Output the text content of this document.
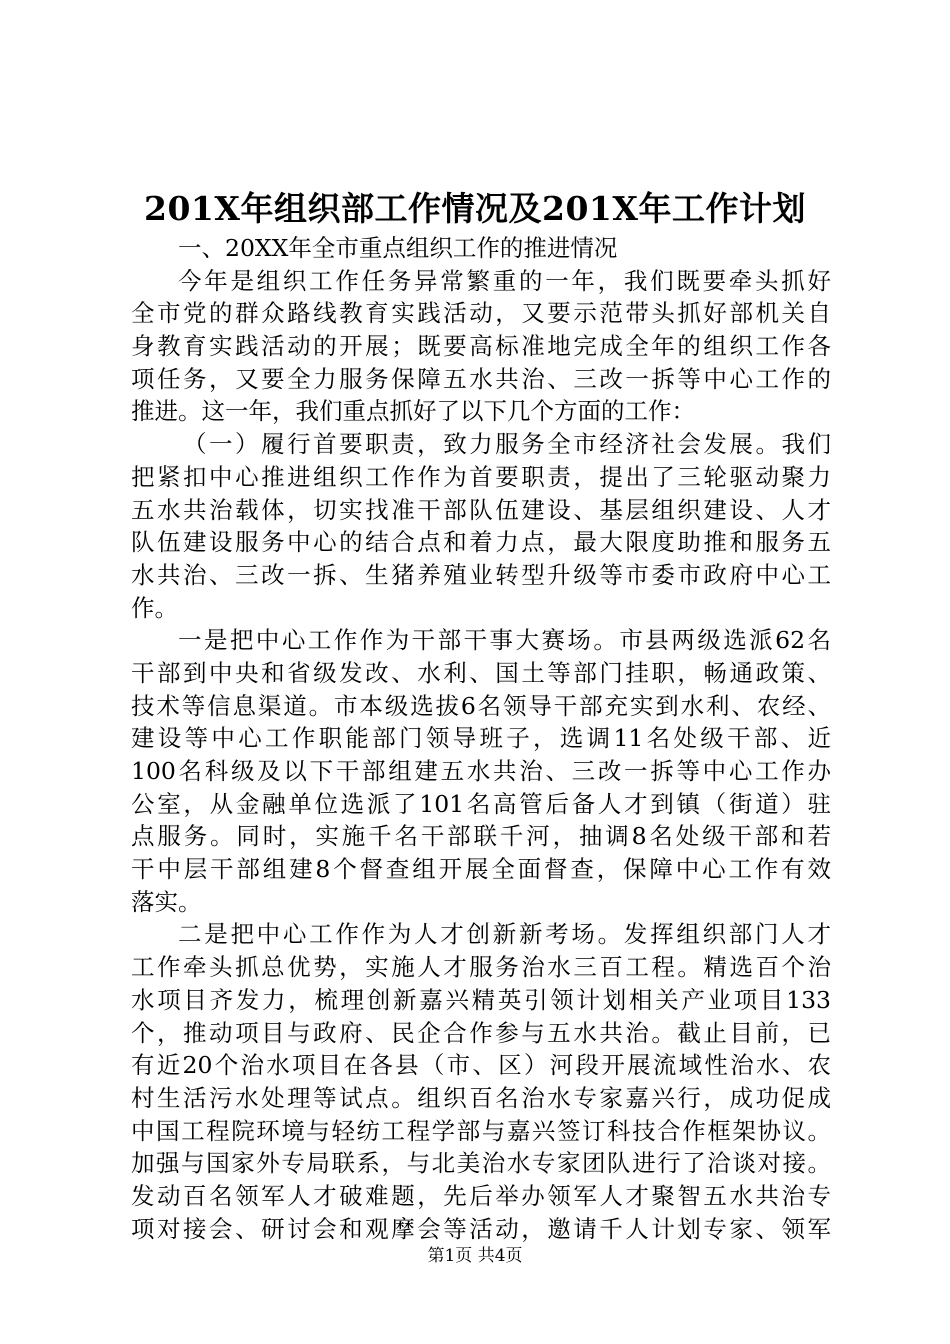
201X年组织部工作情况及201X年工作计划
一、20XX年全市重点组织工作的推进情况
今年是组织工作任务异常繁重的一年，我们既要牵头抓好
全市党的群众路线教育实践活动，又要示范带头抓好部机关自
身教育实践活动的开展；既要高标准地完成全年的组织工作各
项任务，又要全力服务保障五水共治、三改一拆等中心工作的
推进。这一年，我们重点抓好了以下几个方面的工作：
（一）履行首要职责，致力服务全市经济社会发展。我们
把紧扣中心推进组织工作作为首要职责，提出了三轮驱动聚力
五水共治载体，切实找准干部队伍建设、基层组织建设、人才
队伍建设服务中心的结合点和着力点，最大限度助推和服务五
水共治、三改一拆、生猪养殖业转型升级等市委市政府中心工
作。
一是把中心工作作为干部干事大赛场。市县两级选派62名
干部到中央和省级发改、水利、国土等部门挂职，畅通政策、
技术等信息渠道。市本级选拔6名领导干部充实到水利、农经、
建设等中心工作职能部门领导班子，选调11名处级干部、近
100名科级及以下干部组建五水共治、三改一拆等中心工作办
公室，从金融单位选派了101名高管后备人才到镇（街道）驻
点服务。同时，实施千名干部联千河，抽调8名处级干部和若
干中层干部组建8个督查组开展全面督查，保障中心工作有效
落实。
二是把中心工作作为人才创新新考场。发挥组织部门人才
工作牵头抓总优势，实施人才服务治水三百工程。精选百个治
水项目齐发力，梳理创新嘉兴精英引领计划相关产业项目133
个，推动项目与政府、民企合作参与五水共治。截止目前，已
有近20个治水项目在各县（市、区）河段开展流域性治水、农
村生活污水处理等试点。组织百名治水专家嘉兴行，成功促成
中国工程院环境与轻纺工程学部与嘉兴签订科技合作框架协议。
加强与国家外专局联系，与北美治水专家团队进行了洽谈对接。
发动百名领军人才破难题，先后举办领军人才聚智五水共治专
项对接会、研讨会和观摩会等活动，邀请千人计划专家、领军
第1页 共4页
